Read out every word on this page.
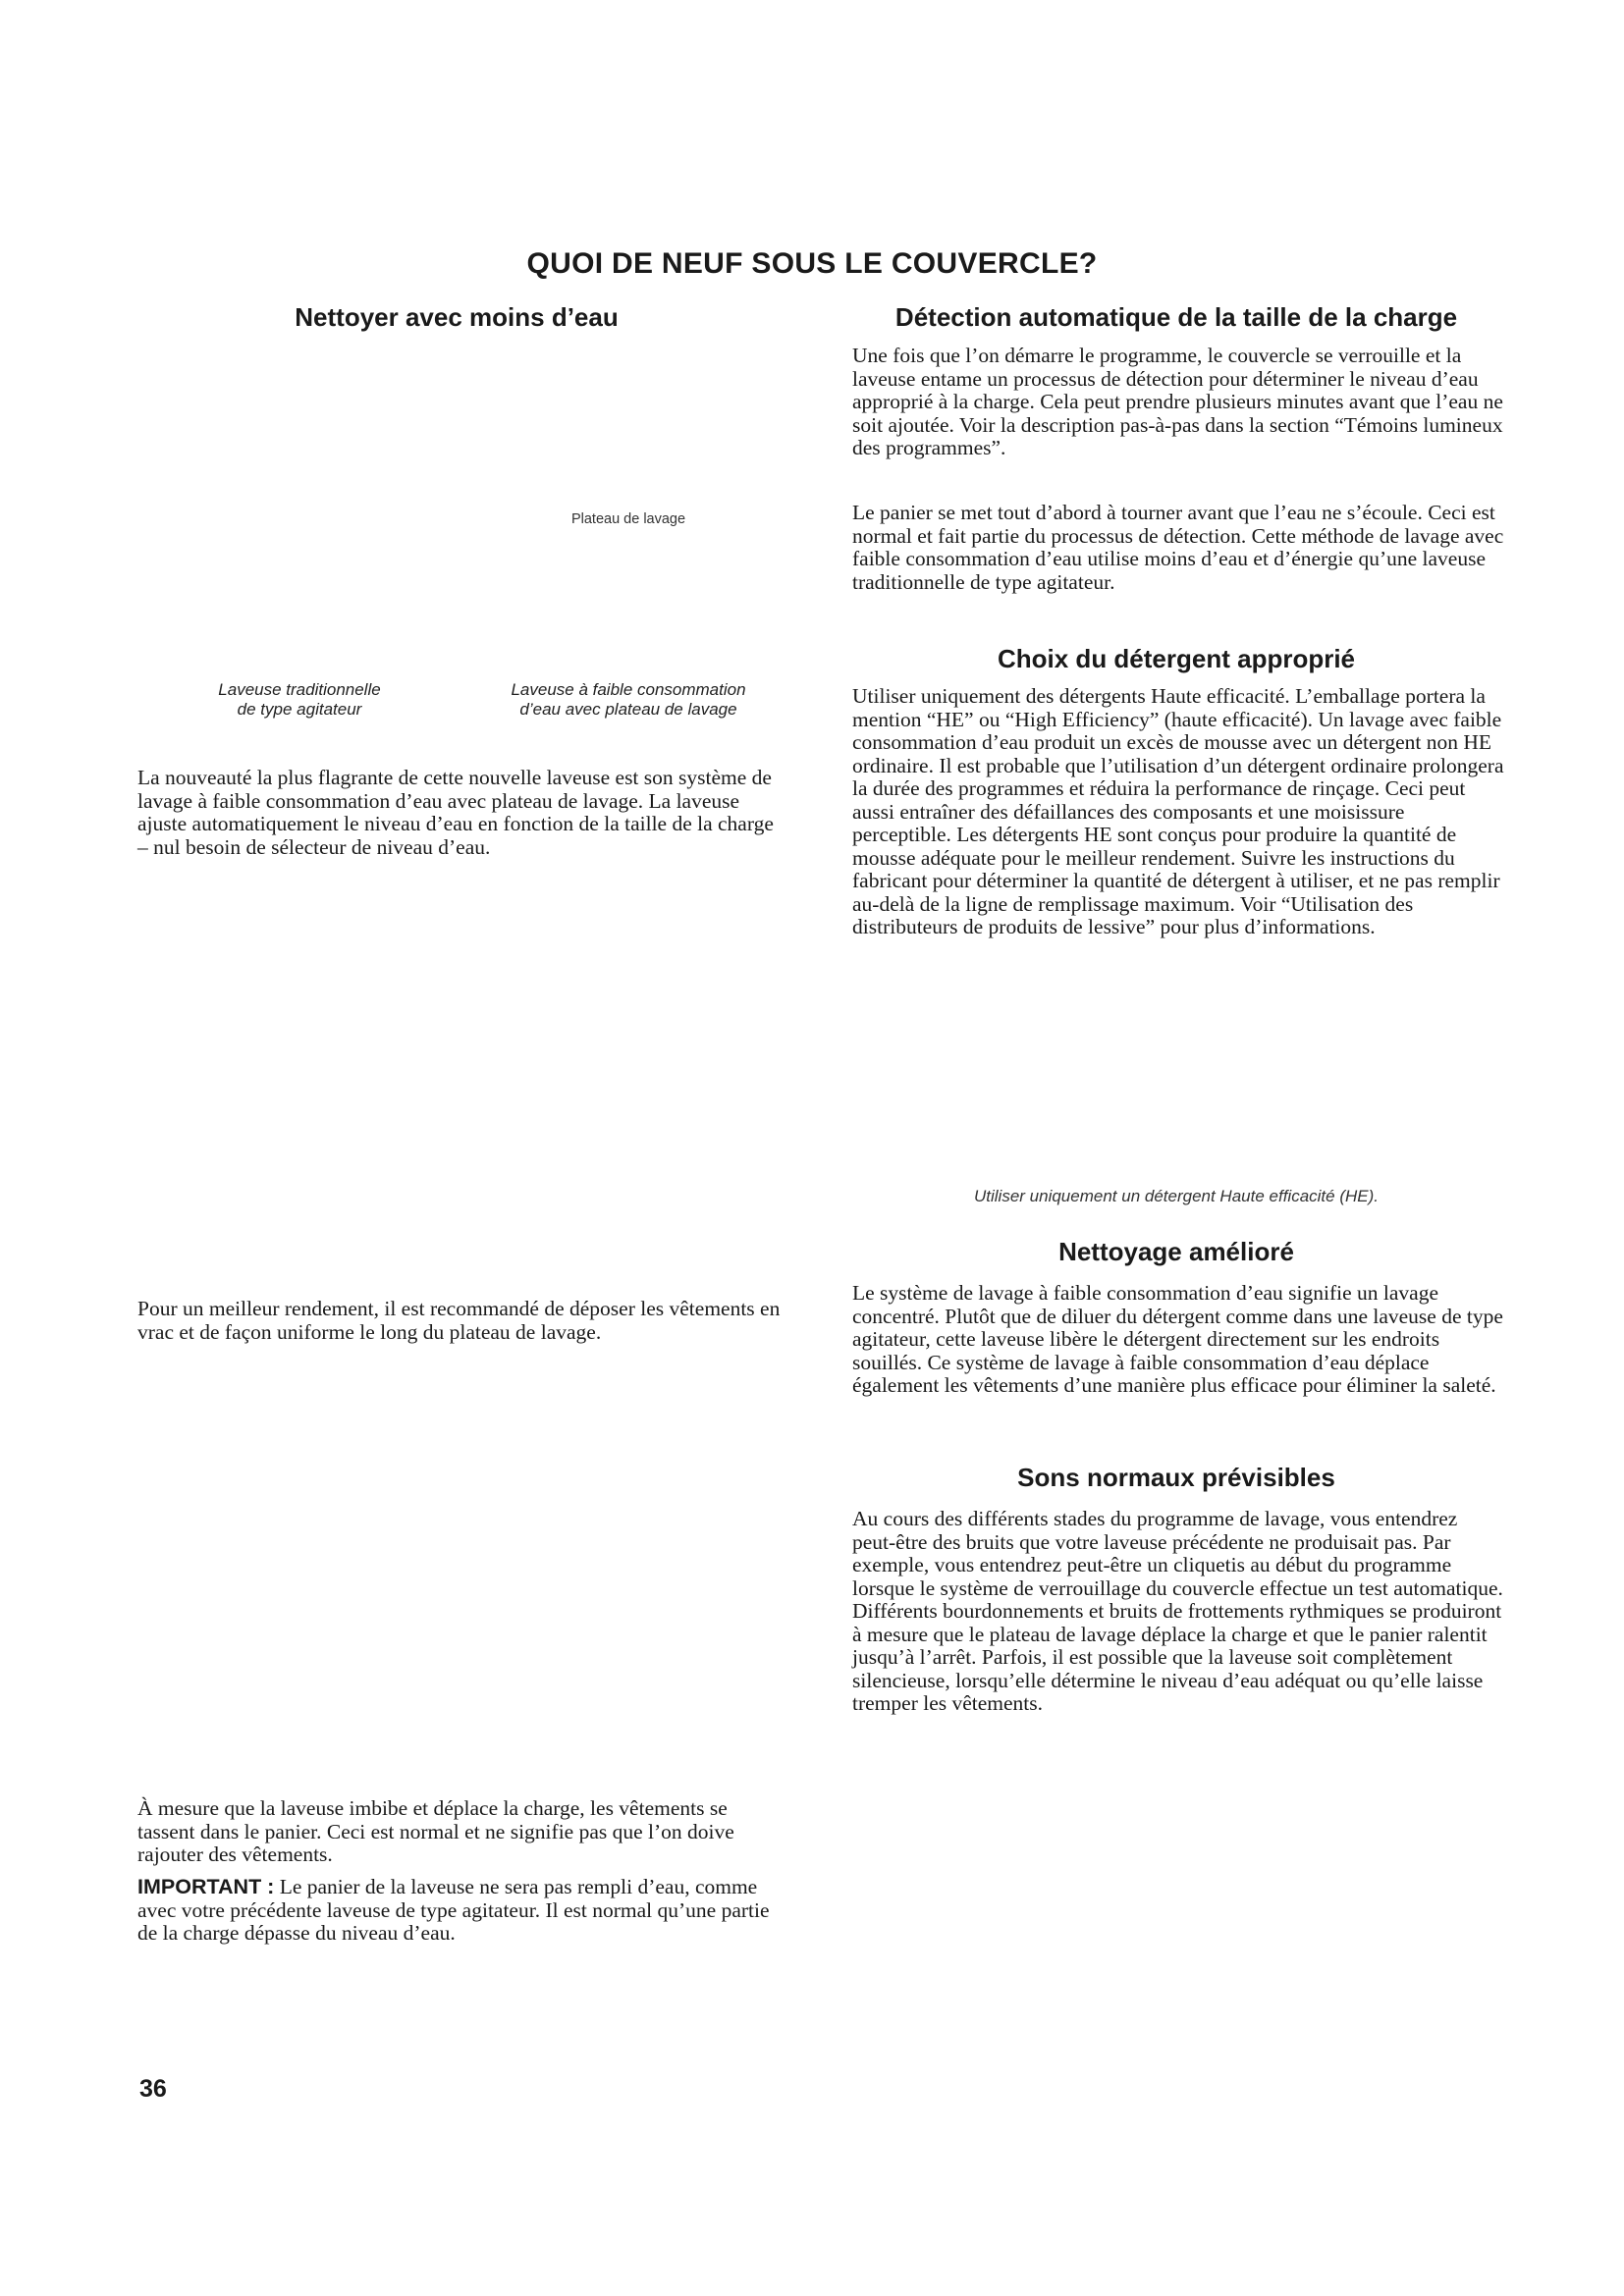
QUOI DE NEUF SOUS LE COUVERCLE?
Nettoyer avec moins d’eau
Plateau de lavage
Laveuse traditionnelle
de type agitateur
Laveuse à faible consommation
d’eau avec plateau de lavage

La nouveauté la plus flagrante de cette nouvelle laveuse est son système de lavage à faible consommation d’eau avec plateau de lavage. La laveuse ajuste automatiquement le niveau d’eau en fonction de la taille de la charge – nul besoin de sélecteur de niveau d’eau.

Pour un meilleur rendement, il est recommandé de déposer les vêtements en vrac et de façon uniforme le long du plateau de lavage.

À mesure que la laveuse imbibe et déplace la charge, les vêtements se tassent dans le panier. Ceci est normal et ne signifie pas que l’on doive rajouter des vêtements.

IMPORTANT : Le panier de la laveuse ne sera pas rempli d’eau, comme avec votre précédente laveuse de type agitateur. Il est normal qu’une partie de la charge dépasse du niveau d’eau.

Détection automatique de la taille de la charge

Une fois que l’on démarre le programme, le couvercle se verrouille et la laveuse entame un processus de détection pour déterminer le niveau d’eau approprié à la charge. Cela peut prendre plusieurs minutes avant que l’eau ne soit ajoutée. Voir la description pas-à-pas dans la section “Témoins lumineux des programmes”.

Le panier se met tout d’abord à tourner avant que l’eau ne s’écoule. Ceci est normal et fait partie du processus de détection. Cette méthode de lavage avec faible consommation d’eau utilise moins d’eau et d’énergie qu’une laveuse traditionnelle de type agitateur.

Choix du détergent approprié

Utiliser uniquement des détergents Haute efficacité. L’emballage portera la mention “HE” ou “High Efficiency” (haute efficacité). Un lavage avec faible consommation d’eau produit un excès de mousse avec un détergent non HE ordinaire. Il est probable que l’utilisation d’un détergent ordinaire prolongera la durée des programmes et réduira la performance de rinçage. Ceci peut aussi entraîner des défaillances des composants et une moisissure perceptible. Les détergents HE sont conçus pour produire la quantité de mousse adéquate pour le meilleur rendement. Suivre les instructions du fabricant pour déterminer la quantité de détergent à utiliser, et ne pas remplir au-delà de la ligne de remplissage maximum. Voir “Utilisation des distributeurs de produits de lessive” pour plus d’informations.

Utiliser uniquement un détergent Haute efficacité (HE).
Nettoyage amélioré

Le système de lavage à faible consommation d’eau signifie un lavage concentré. Plutôt que de diluer du détergent comme dans une laveuse de type agitateur, cette laveuse libère le détergent directement sur les endroits souillés. Ce système de lavage à faible consommation d’eau déplace également les vêtements d’une manière plus efficace pour éliminer la saleté.

Sons normaux prévisibles

Au cours des différents stades du programme de lavage, vous entendrez peut-être des bruits que votre laveuse précédente ne produisait pas. Par exemple, vous entendrez peut-être un cliquetis au début du programme lorsque le système de verrouillage du couvercle effectue un test automatique. Différents bourdonnements et bruits de frottements rythmiques se produiront à mesure que le plateau de lavage déplace la charge et que le panier ralentit jusqu’à l’arrêt. Parfois, il est possible que la laveuse soit complètement silencieuse, lorsqu’elle détermine le niveau d’eau adéquat ou qu’elle laisse tremper les vêtements.

36
